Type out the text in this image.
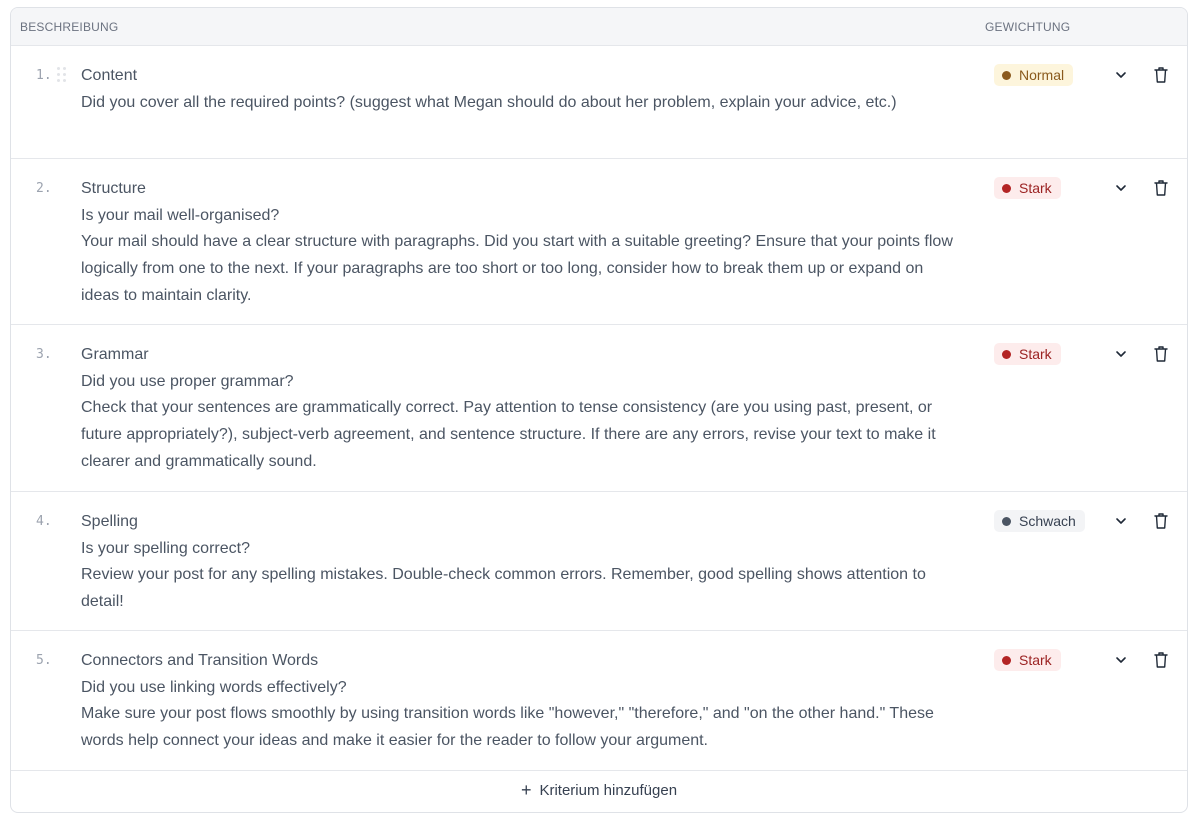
BESCHREIBUNG	GEWICHTUNG
1. Content
Did you cover all the required points? (suggest what Megan should do about her problem, explain your advice, etc.)
Normal
2. Structure
Is your mail well-organised?
Your mail should have a clear structure with paragraphs. Did you start with a suitable greeting? Ensure that your points flow logically from one to the next. If your paragraphs are too short or too long, consider how to break them up or expand on ideas to maintain clarity.
Stark
3. Grammar
Did you use proper grammar?
Check that your sentences are grammatically correct. Pay attention to tense consistency (are you using past, present, or future appropriately?), subject-verb agreement, and sentence structure. If there are any errors, revise your text to make it clearer and grammatically sound.
Stark
4. Spelling
Is your spelling correct?
Review your post for any spelling mistakes. Double-check common errors. Remember, good spelling shows attention to detail!
Schwach
5. Connectors and Transition Words
Did you use linking words effectively?
Make sure your post flows smoothly by using transition words like "however," "therefore," and "on the other hand." These words help connect your ideas and make it easier for the reader to follow your argument.
Stark
+ Kriterium hinzufügen
